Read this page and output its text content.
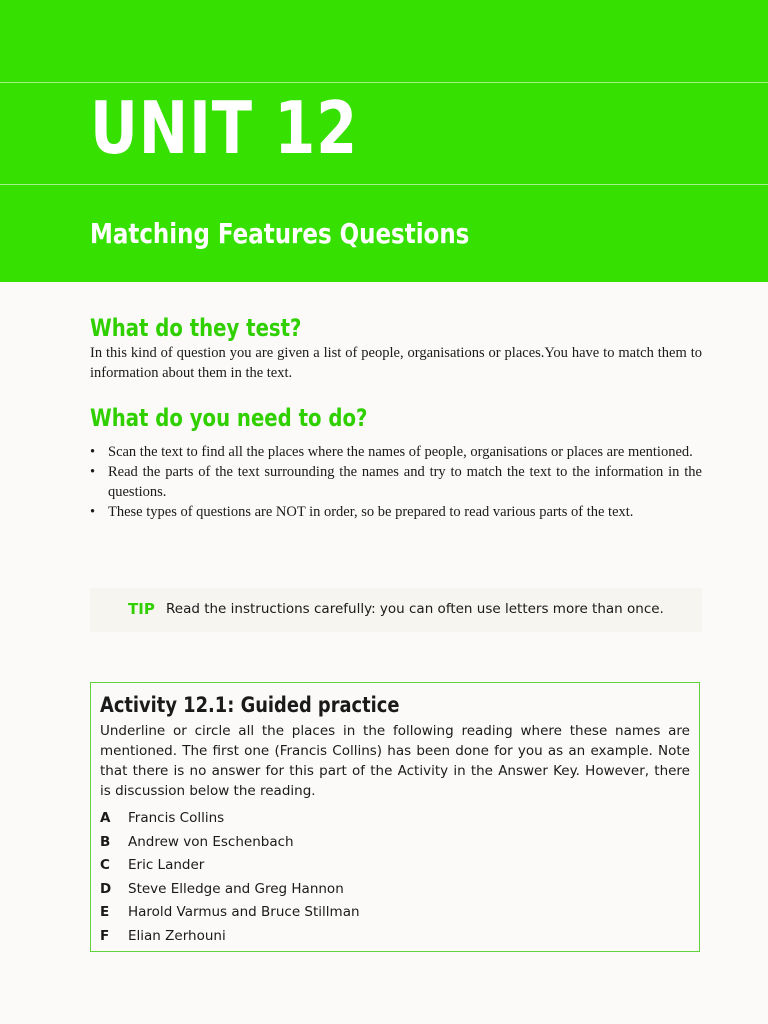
UNIT 12
Matching Features Questions
What do they test?

In this kind of question you are given a list of people, organisations or places.You have to match them to information about them in the text.

What do you need to do?
• Scan the text to find all the places where the names of people, organisations or places are mentioned.
• Read the parts of the text surrounding the names and try to match the text to the information in the questions.
• These types of questions are NOT in order, so be prepared to read various parts of the text.
TIP Read the instructions carefully: you can often use letters more than once.
Activity 12.1: Guided practice

Underline or circle all the places in the following reading where these names are mentioned. The first one (Francis Collins) has been done for you as an example. Note that there is no answer for this part of the Activity in the Answer Key. However, there is discussion below the reading.

A Francis Collins
B Andrew von Eschenbach
C Eric Lander
D Steve Elledge and Greg Hannon
E Harold Varmus and Bruce Stillman
F Elian Zerhouni
